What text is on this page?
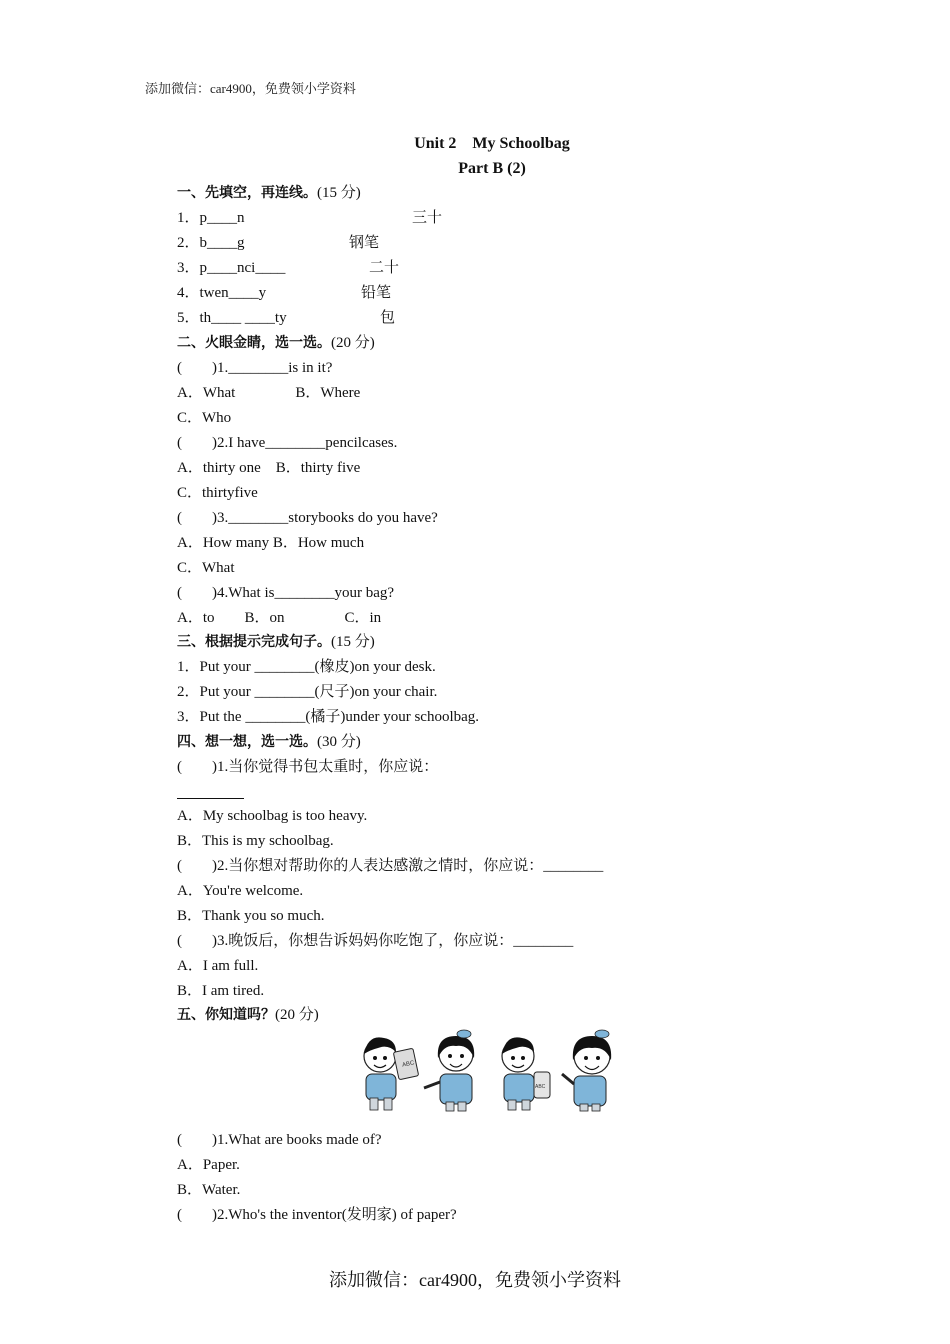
添加微信：car4900，免费领小学资料
Unit 2　My Schoolbag
Part B (2)
一、先填空，再连线。(15 分)
1．p____n
2．b____g
3．p____nci____
4．twen____y
5．th____ ____ty
三十
钢笔
二十
铅笔
包
二、火眼金睛，选一选。(20 分)
(　　)1.________is in it?
A．What　　　　B．Where
C．Who
(　　)2.I have________pencilcases.
A．thirty one　B．thirty five
C．thirtyfive
(　　)3.________storybooks do you have?
A．How many B．How much
C．What
(　　)4.What is________your bag?
A．to　　B．on　　　　C．in
三、根据提示完成句子。(15 分)
1．Put your ________(橡皮)on your desk.
2．Put your ________(尺子)on your chair.
3．Put the ________(橘子)under your schoolbag.
四、想一想，选一选。(30 分)
(　　)1.当你觉得书包太重时，你应说：
A．My schoolbag is too heavy.
B．This is my schoolbag.
(　　)2.当你想对帮助你的人表达感激之情时，你应说：________
A．You're welcome.
B．Thank you so much.
(　　)3.晚饭后，你想告诉妈妈你吃饱了，你应说：________
A．I am full.
B．I am tired.
五、你知道吗？(20 分)
ABC
ABC
(　　)1.What are books made of?
A．Paper.
B．Water.
(　　)2.Who's the inventor(发明家) of paper?
添加微信：car4900，免费领小学资料
